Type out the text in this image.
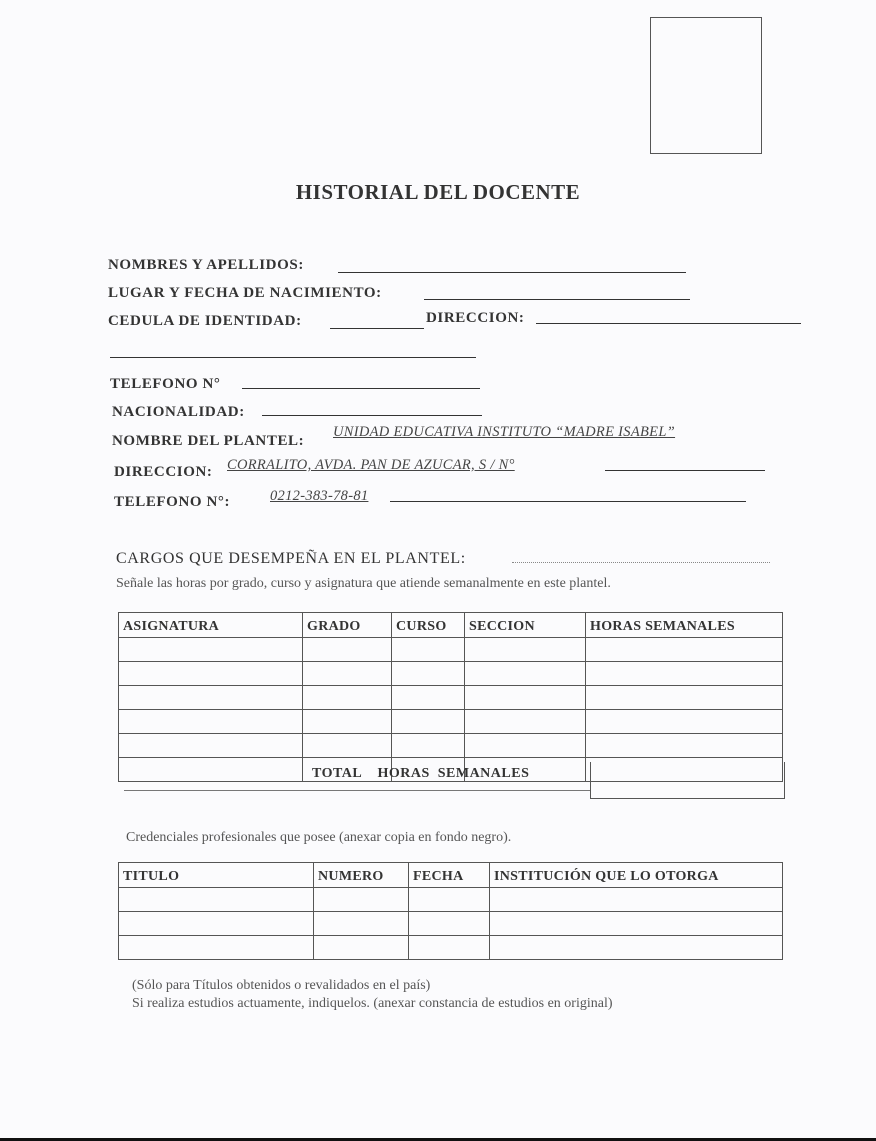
HISTORIAL DEL DOCENTE
NOMBRES Y APELLIDOS:
LUGAR Y FECHA DE NACIMIENTO:
CEDULA DE IDENTIDAD:	DIRECCION:
TELEFONO N°
NACIONALIDAD:
NOMBRE DEL PLANTEL:
UNIDAD EDUCATIVA INSTITUTO “MADRE ISABEL”
DIRECCION: CORRALITO, AVDA. PAN DE AZUCAR, S / N°
TELEFONO N°:	0212-383-78-81
CARGOS QUE DESEMPEÑA EN EL PLANTEL:
Señale las horas por grado, curso y asignatura que atiende semanalmente en este plantel.
ASIGNATURA	GRADO	CURSO	SECCION	HORAS SEMANALES

TOTAL    HORAS  SEMANALES
Credenciales profesionales que posee (anexar copia en fondo negro).
TITULO	NUMERO	FECHA	INSTITUCIÓN QUE LO OTORGA

(Sólo para Títulos obtenidos o revalidados en el país)
Si realiza estudios actuamente, indiquelos. (anexar constancia de estudios en original)
